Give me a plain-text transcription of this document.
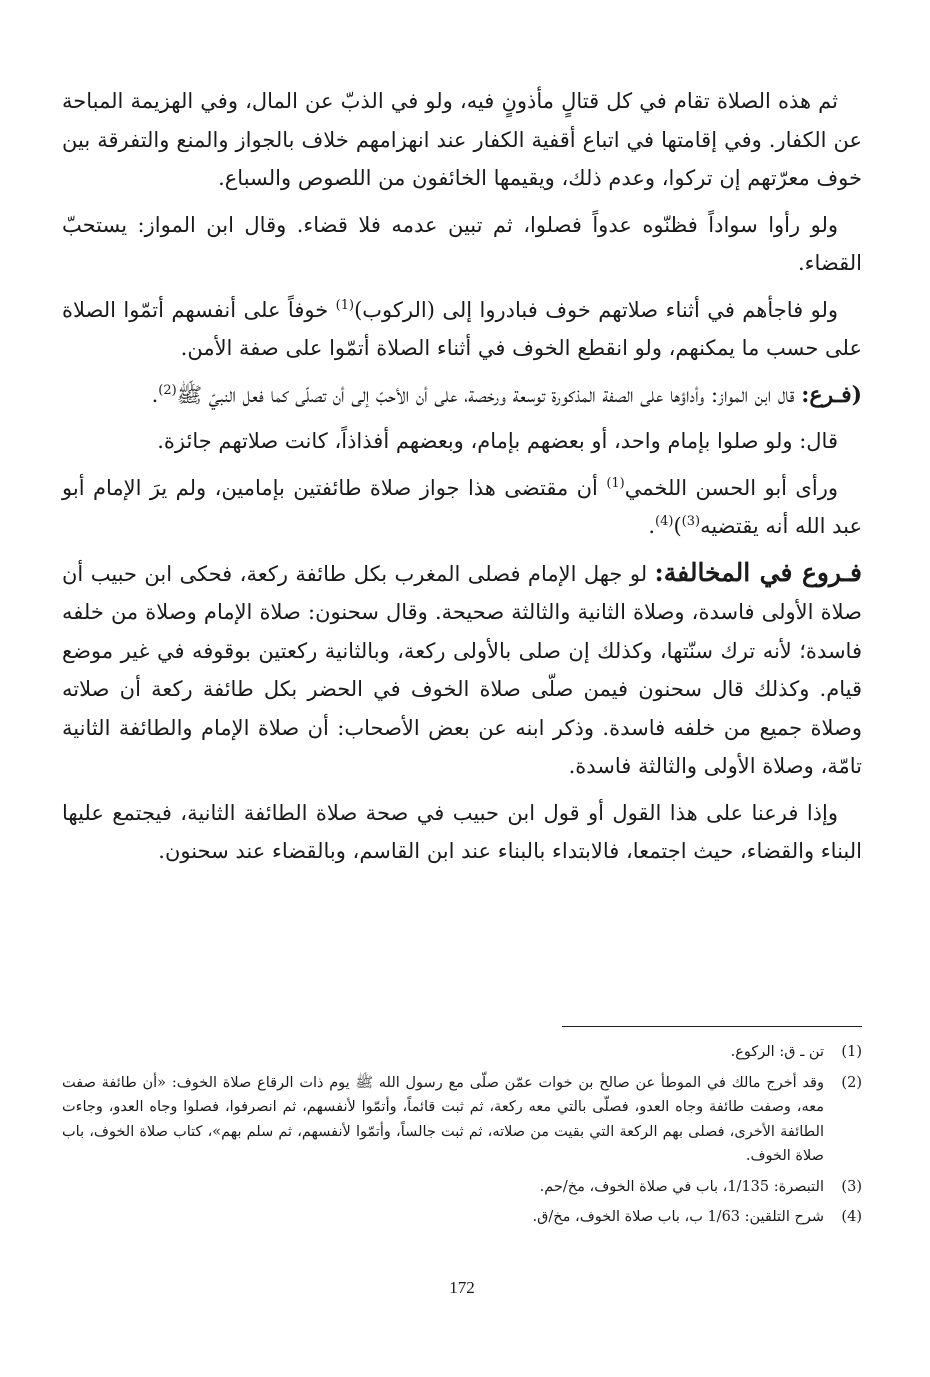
ثم هذه الصلاة تقام في كل قتالٍ مأذونٍ فيه، ولو في الذبّ عن المال، وفي الهزيمة المباحة عن الكفار. وفي إقامتها في اتباع أقفية الكفار عند انهزامهم خلاف بالجواز والمنع والتفرقة بين خوف معرّتهم إن تركوا، وعدم ذلك، ويقيمها الخائفون من اللصوص والسباع.

ولو رأوا سواداً فظنّوه عدواً فصلوا، ثم تبين عدمه فلا قضاء. وقال ابن المواز: يستحبّ القضاء.

ولو فاجأهم في أثناء صلاتهم خوف فبادروا إلى (الركوب)$^{(1)}$ خوفاً على أنفسهم أتمّوا الصلاة على حسب ما يمكنهم، ولو انقطع الخوف في أثناء الصلاة أتمّوا على صفة الأمن.

(فـرع: قال ابن المواز: وأداؤها على الصفة المذكورة توسعة ورخصة، على أن الأحبّ إلى أن تصلّى كما فعل النبيّ ﷺ$^{(2)}$.

قال: ولو صلوا بإمام واحد، أو بعضهم بإمام، وبعضهم أفذاذاً، كانت صلاتهم جائزة.

ورأى أبو الحسن اللخمي$^{(1)}$ أن مقتضى هذا جواز صلاة طائفتين بإمامين، ولم يرَ الإمام أبو عبد الله أنه يقتضيه$^{(3)}$)$^{(4)}$.

فـروع في المخالفة: لو جهل الإمام فصلى المغرب بكل طائفة ركعة، فحكى ابن حبيب أن صلاة الأولى فاسدة، وصلاة الثانية والثالثة صحيحة. وقال سحنون: صلاة الإمام وصلاة من خلفه فاسدة؛ لأنه ترك سنّتها، وكذلك إن صلى بالأولى ركعة، وبالثانية ركعتين بوقوفه في غير موضع قيام. وكذلك قال سحنون فيمن صلّى صلاة الخوف في الحضر بكل طائفة ركعة أن صلاته وصلاة جميع من خلفه فاسدة. وذكر ابنه عن بعض الأصحاب: أن صلاة الإمام والطائفة الثانية تامّة، وصلاة الأولى والثالثة فاسدة.

وإذا فرعنا على هذا القول أو قول ابن حبيب في صحة صلاة الطائفة الثانية، فيجتمع عليها البناء والقضاء، حيث اجتمعا، فالابتداء بالبناء عند ابن القاسم، وبالقضاء عند سحنون.

(1)
تن ـ ق: الركوع.
(2)
وقد أخرج مالك في الموطأ عن صالح بن خوات عمّن صلّى مع رسول الله ﷺ يوم ذات الرقاع صلاة الخوف: «أن طائفة صفت معه، وصفت طائفة وجاه العدو، فصلّى بالتي معه ركعة، ثم ثبت قائماً، وأتمّوا لأنفسهم، ثم انصرفوا، فصلوا وجاه العدو، وجاءت الطائفة الأخرى، فصلى بهم الركعة التي بقيت من صلاته، ثم ثبت جالساً، وأتمّوا لأنفسهم، ثم سلم بهم»، كتاب صلاة الخوف، باب صلاة الخوف.
(3)
التبصرة: 1/135، باب في صلاة الخوف، مخ/حم.
(4)
شرح التلقين: 1/63 ب، باب صلاة الخوف، مخ/ق.
172
